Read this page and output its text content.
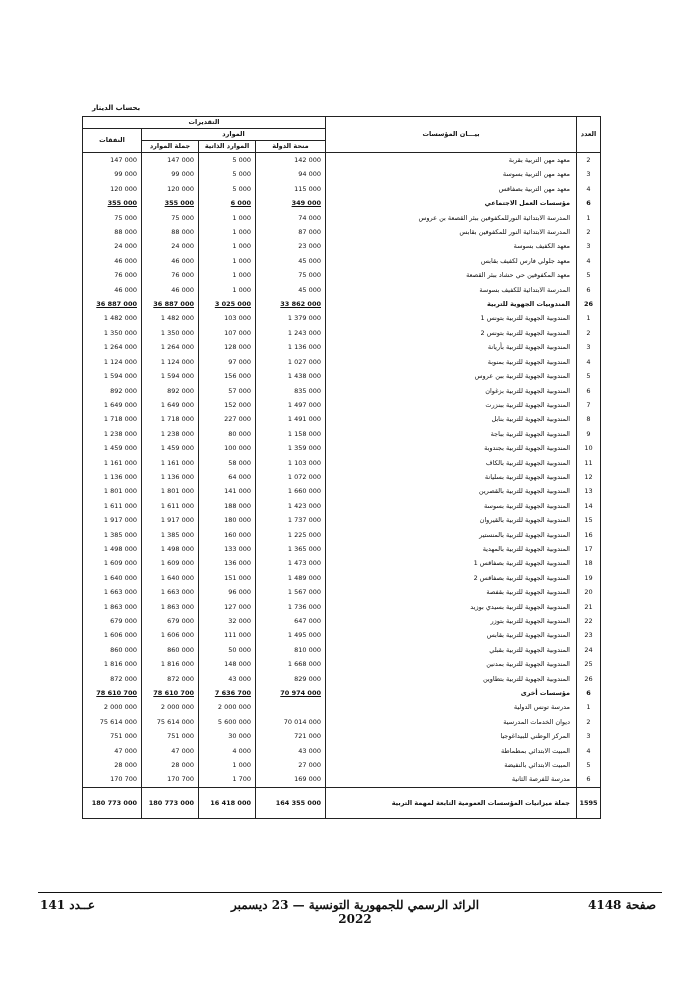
بحساب الدينار
التقديرات				بيـــان المؤسسات	العدد
النفقات	الموارد				
	جملة الموارد	الموارد الذاتية	منحة الدولة		
147 000	147 000	5 000	142 000	معهد مهن التربية بقربة	2
99 000	99 000	5 000	94 000	معهد مهن التربية بسوسة	3
120 000	120 000	5 000	115 000	معهد مهن التربية بصفاقس	4
355 000	355 000	6 000	349 000	مؤسسات العمل الاجتماعي	6
75 000	75 000	1 000	74 000	المدرسة الابتدائية النورللمكفوفين ببئر القصعة بن عروس	1
88 000	88 000	1 000	87 000	المدرسة الابتدائية النور للمكفوفين بقابس	2
24 000	24 000	1 000	23 000	معهد الكفيف بسوسة	3
46 000	46 000	1 000	45 000	معهد جلولي فارس لكفيف بقابس	4
76 000	76 000	1 000	75 000	معهد المكفوفين حي حشاد ببئر القصعة	5
46 000	46 000	1 000	45 000	المدرسة الابتدائية للكفيف بسوسة	6
36 887 000	36 887 000	3 025 000	33 862 000	المندوبيات الجهوية للتربية	26
1 482 000	1 482 000	103 000	1 379 000	المندوبية الجهوية للتربية بتونس 1	1
1 350 000	1 350 000	107 000	1 243 000	المندوبية الجهوية للتربية بتونس 2	2
1 264 000	1 264 000	128 000	1 136 000	المندوبية الجهوية للتربية بأريانة	3
1 124 000	1 124 000	97 000	1 027 000	المندوبية الجهوية للتربية بمنوبة	4
1 594 000	1 594 000	156 000	1 438 000	المندوبية الجهوية للتربية ببن عروس	5
892 000	892 000	57 000	835 000	المندوبية الجهوية للتربية بزغوان	6
1 649 000	1 649 000	152 000	1 497 000	المندوبية الجهوية للتربية ببنزرت	7
1 718 000	1 718 000	227 000	1 491 000	المندوبية الجهوية للتربية بنابل	8
1 238 000	1 238 000	80 000	1 158 000	المندوبية الجهوية للتربية بباجة	9
1 459 000	1 459 000	100 000	1 359 000	المندوبية الجهوية للتربية بجندوبة	10
1 161 000	1 161 000	58 000	1 103 000	المندوبية الجهوية للتربية بالكاف	11
1 136 000	1 136 000	64 000	1 072 000	المندوبية الجهوية للتربية بسليانة	12
1 801 000	1 801 000	141 000	1 660 000	المندوبية الجهوية للتربية بالقصرين	13
1 611 000	1 611 000	188 000	1 423 000	المندوبية الجهوية للتربية بسوسة	14
1 917 000	1 917 000	180 000	1 737 000	المندوبية الجهوية للتربية بالقيروان	15
1 385 000	1 385 000	160 000	1 225 000	المندوبية الجهوية للتربية بالمنستير	16
1 498 000	1 498 000	133 000	1 365 000	المندوبية الجهوية للتربية بالمهدية	17
1 609 000	1 609 000	136 000	1 473 000	المندوبية الجهوية للتربية بصفاقس 1	18
1 640 000	1 640 000	151 000	1 489 000	المندوبية الجهوية للتربية بصفاقس 2	19
1 663 000	1 663 000	96 000	1 567 000	المندوبية الجهوية للتربية بقفصة	20
1 863 000	1 863 000	127 000	1 736 000	المندوبية الجهوية للتربية بسيدي بوزيد	21
679 000	679 000	32 000	647 000	المندوبية الجهوية للتربية بتوزر	22
1 606 000	1 606 000	111 000	1 495 000	المندوبية الجهوية للتربية بقابس	23
860 000	860 000	50 000	810 000	المندوبية الجهوية للتربية بقبلي	24
1 816 000	1 816 000	148 000	1 668 000	المندوبية الجهوية للتربية بمدنين	25
872 000	872 000	43 000	829 000	المندوبية الجهوية للتربية بتطاوين	26
78 610 700	78 610 700	7 636 700	70 974 000	مؤسسات أخرى	6
2 000 000	2 000 000	2 000 000		مدرسة تونس الدولية	1
75 614 000	75 614 000	5 600 000	70 014 000	ديوان الخدمات المدرسية	2
751 000	751 000	30 000	721 000	المركز الوطني للبيداغوجيا	3
47 000	47 000	4 000	43 000	المبيت الابتدائي بمطماطة	4
28 000	28 000	1 000	27 000	المبيت الابتدائي بالنفيضة	5
170 700	170 700	1 700	169 000	مدرسة للفرصة الثانية	6
180 773 000	180 773 000	16 418 000	164 355 000	جملة ميزانيات المؤسسات العمومية التابعة لمهمة التربية	1595
صفحة 4148
الرائد الرسمي للجمهورية التونسية — 23 ديسمبر 2022
عــدد 141
